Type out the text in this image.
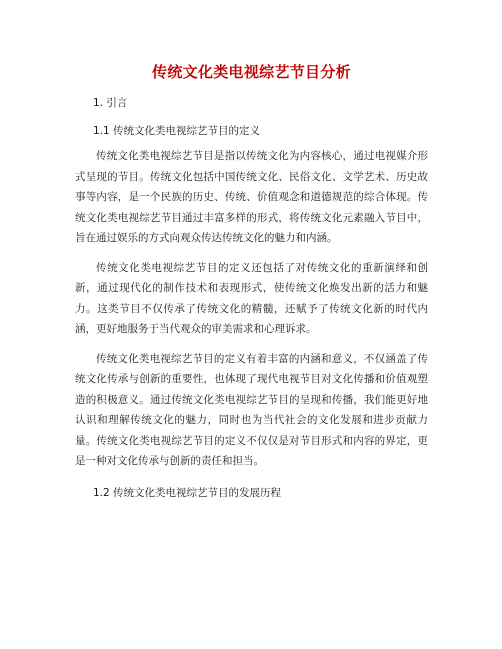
传统文化类电视综艺节目分析
1. 引言
1.1 传统文化类电视综艺节目的定义

传统文化类电视综艺节目是指以传统文化为内容核心，通过电视媒介形式呈现的节目。传统文化包括中国传统文化、民俗文化、文学艺术、历史故事等内容，是一个民族的历史、传统、价值观念和道德规范的综合体现。传统文化类电视综艺节目通过丰富多样的形式，将传统文化元素融入节目中，旨在通过娱乐的方式向观众传达传统文化的魅力和内涵。

传统文化类电视综艺节目的定义还包括了对传统文化的重新演绎和创新，通过现代化的制作技术和表现形式，使传统文化焕发出新的活力和魅力。这类节目不仅传承了传统文化的精髓，还赋予了传统文化新的时代内涵，更好地服务于当代观众的审美需求和心理诉求。

传统文化类电视综艺节目的定义有着丰富的内涵和意义，不仅涵盖了传统文化传承与创新的重要性，也体现了现代电视节目对文化传播和价值观塑造的积极意义。通过传统文化类电视综艺节目的呈现和传播，我们能更好地认识和理解传统文化的魅力，同时也为当代社会的文化发展和进步贡献力量。传统文化类电视综艺节目的定义不仅仅是对节目形式和内容的界定，更是一种对文化传承与创新的责任和担当。

1.2 传统文化类电视综艺节目的发展历程
